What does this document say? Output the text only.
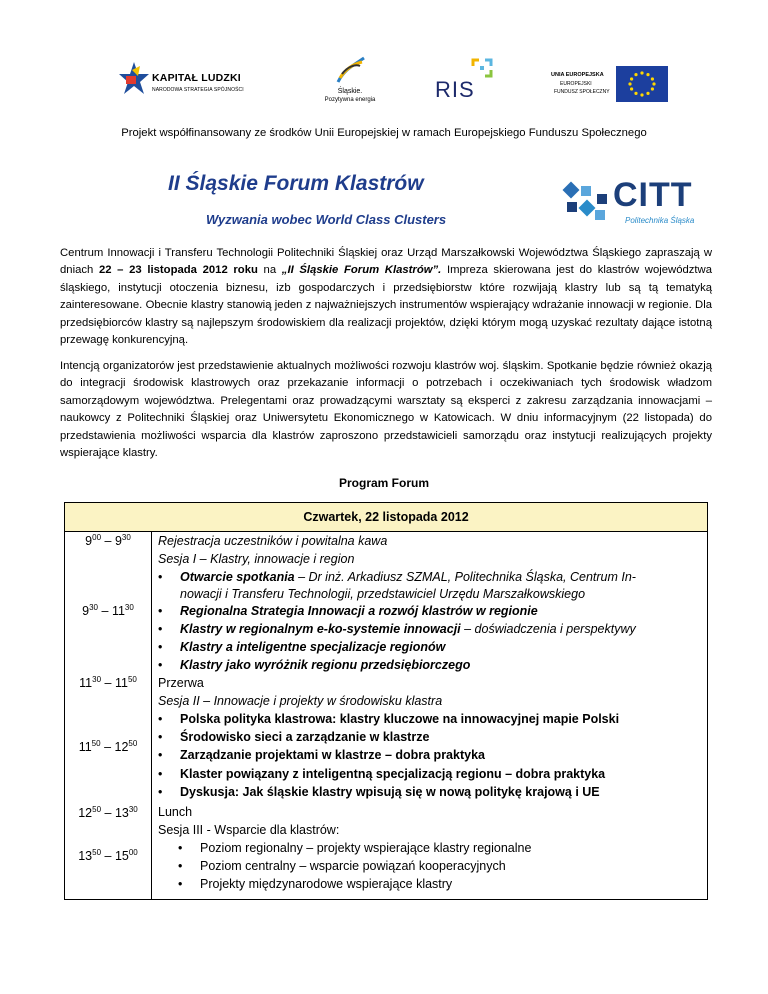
KAPITAŁ LUDZKI
NARODOWA STRATEGIA SPÓJNOŚCI	Śląskie.
Pozytywna energia	RIS
UNIA EUROPEJSKA
EUROPEJSKI
FUNDUSZ SPOŁECZNY
Projekt współfinansowany ze środków Unii Europejskiej w ramach Europejskiego Funduszu Społecznego
II Śląskie Forum Klastrów
Wyzwania wobec World Class Clusters
CITT
Politechnika Śląska
Centrum Innowacji i Transferu Technologii Politechniki Śląskiej oraz Urząd Marszałkowski Województwa Śląskiego zapraszają w dniach 22 – 23 listopada 2012 roku na „II Śląskie Forum Klastrów”. Impreza skierowana jest do klastrów województwa śląskiego, instytucji otoczenia biznesu, izb gospodarczych i przedsiębiorstw które rozwijają klastry lub są tą tematyką zainteresowane. Obecnie klastry stanowią jeden z najważniejszych instrumentów wspierający wdrażanie innowacji w regionie. Dla przedsiębiorców klastry są najlepszym środowiskiem dla realizacji projektów, dzięki którym mogą uzyskać rezultaty dające istotną przewagę konkurencyjną.
Intencją organizatorów jest przedstawienie aktualnych możliwości rozwoju klastrów woj. śląskim. Spotkanie będzie również okazją do integracji środowisk klastrowych oraz przekazanie informacji o potrzebach i oczekiwaniach tych środowisk władzom samorządowym województwa. Prelegentami oraz prowadzącymi warsztaty są eksperci z zakresu zarządzania innowacjami – naukowcy z Politechniki Śląskiej oraz Uniwersytetu Ekonomicznego w Katowicach. W dniu informacyjnym (22 listopada) do przedstawienia możliwości wsparcia dla klastrów zaproszono przedstawicieli samorządu oraz instytucji realizujących projekty wspierające klastry.
Program Forum
Czwartek, 22 listopada 2012
$9^{00} - 9^{30}$
$9^{30} - 11^{30}$
$11^{30} - 11^{50}$
$11^{50} - 12^{50}$
$12^{50} - 13^{30}$
$13^{50} - 15^{00}$
Rejestracja uczestników i powitalna kawa
Sesja I – Klastry, innowacje i region
• Otwarcie spotkania – Dr inż. Arkadiusz SZMAL, Politechnika Śląska, Centrum In-
nowacji i Transferu Technologii, przedstawiciel Urzędu Marszałkowskiego
• Regionalna Strategia Innowacji a rozwój klastrów w regionie
• Klastry w regionalnym e-ko-systemie innowacji – doświadczenia i perspektywy
• Klastry a inteligentne specjalizacje regionów
• Klastry jako wyróżnik regionu przedsiębiorczego
Przerwa
Sesja II – Innowacje i projekty w środowisku klastra
• Polska polityka klastrowa: klastry kluczowe na innowacyjnej mapie Polski
• Środowisko sieci a zarządzanie w klastrze
• Zarządzanie projektami w klastrze – dobra praktyka
• Klaster powiązany z inteligentną specjalizacją regionu – dobra praktyka
• Dyskusja: Jak śląskie klastry wpisują się w nową politykę krajową i UE
Lunch
Sesja III - Wsparcie dla klastrów:
• Poziom regionalny – projekty wspierające klastry regionalne
• Poziom centralny – wsparcie powiązań kooperacyjnych
• Projekty międzynarodowe wspierające klastry
